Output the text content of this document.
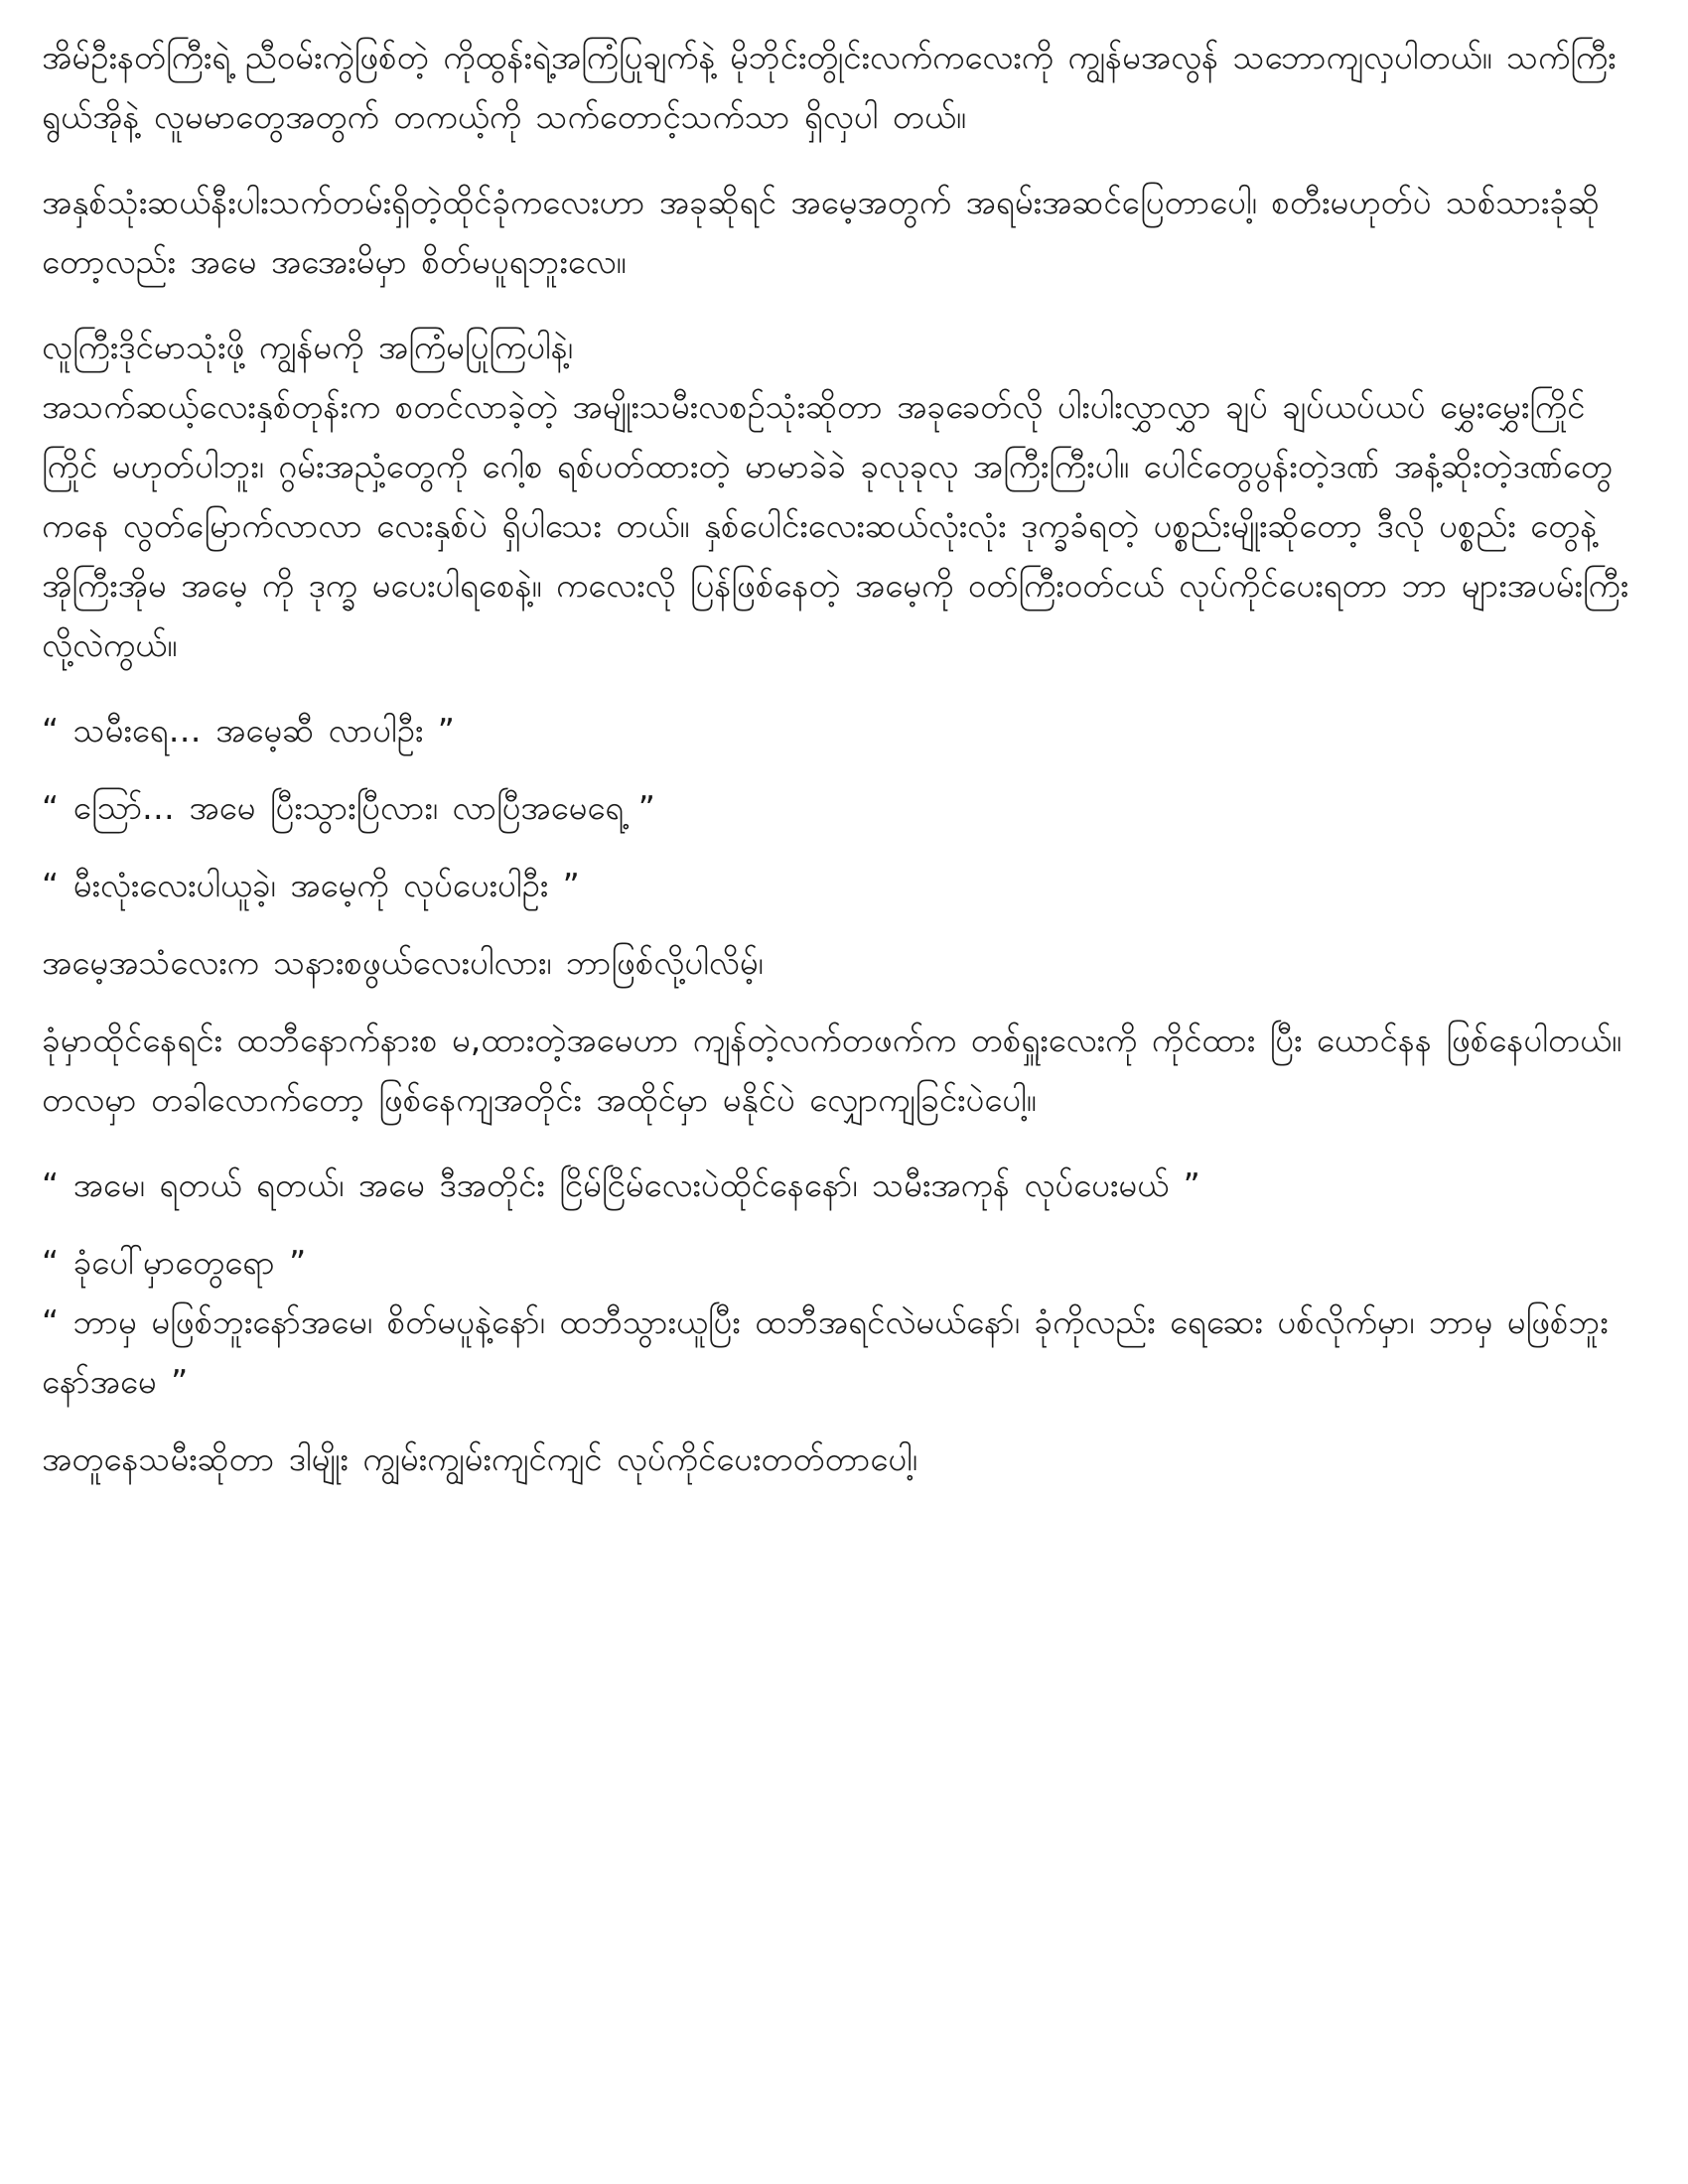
အိမ်ဦးနတ်ကြီးရဲ့ ညီဝမ်းကွဲဖြစ်တဲ့ ကိုထွန်းရဲ့အကြံပြုချက်နဲ့ မိုဘိုင်းတွိုင်းလက်ကလေးကို ကျွန်မအလွန် သဘောကျလှပါတယ်။ သက်ကြီးရွယ်အိုနဲ့ လူမမာတွေအတွက် တကယ့်ကို သက်တောင့်သက်သာ ရှိလှပါ တယ်။

အနှစ်သုံးဆယ်နီးပါးသက်တမ်းရှိတဲ့ထိုင်ခုံကလေးဟာ အခုဆိုရင် အမေ့အတွက် အရမ်းအဆင်ပြေတာပေါ့၊ စတီးမဟုတ်ပဲ သစ်သားခုံဆိုတော့လည်း အမေ အအေးမိမှာ စိတ်မပူရဘူးလေ။

လူကြီးဒိုင်မာသုံးဖို့ ကျွန်မကို အကြံမပြုကြပါနဲ့၊

အသက်ဆယ့်လေးနှစ်တုန်းက စတင်လာခဲ့တဲ့ အမျိုးသမီးလစဉ်သုံးဆိုတာ အခုခေတ်လို ပါးပါးလွှာလွှာ ချပ် ချပ်ယပ်ယပ် မွှေးမွှေးကြိုင်ကြိုင် မဟုတ်ပါဘူး၊ ဂွမ်းအညှံ့တွေကို ဂေါ့စ ရစ်ပတ်ထားတဲ့ မာမာခဲခဲ ခုလုခုလု အကြီးကြီးပါ။ ပေါင်တွေပွန်းတဲ့ဒဏ် အနံ့ဆိုးတဲ့ဒဏ်တွေကနေ လွတ်မြောက်လာလာ လေးနှစ်ပဲ ရှိပါသေး တယ်။ နှစ်ပေါင်းလေးဆယ်လုံးလုံး ဒုက္ခခံရတဲ့ ပစ္စည်းမျိုးဆိုတော့ ဒီလို ပစ္စည်း တွေနဲ့ အိုကြီးအိုမ အမေ့ ကို ဒုက္ခ မပေးပါရစေနဲ့။ ကလေးလို ပြန်ဖြစ်နေတဲ့ အမေ့ကို ဝတ်ကြီးဝတ်ငယ် လုပ်ကိုင်ပေးရတာ ဘာ များအပမ်းကြီးလို့လဲကွယ်။

“ သမီးရေ… အမေ့ဆီ လာပါဦး ”

“ ဪ… အမေ ပြီးသွားပြီလား၊ လာပြီအမေရေ့ ”

“ မီးလုံးလေးပါယူခဲ့၊ အမေ့ကို လုပ်ပေးပါဦး ”

အမေ့အသံလေးက သနားစဖွယ်လေးပါလား၊ ဘာဖြစ်လို့ပါလိမ့်၊

ခုံမှာထိုင်နေရင်း ထဘီနောက်နားစ မ,ထားတဲ့အမေဟာ ကျန်တဲ့လက်တဖက်က တစ်ရှူးလေးကို ကိုင်ထား ပြီး ယောင်နန ဖြစ်နေပါတယ်။ တလမှာ တခါလောက်တော့ ဖြစ်နေကျအတိုင်း အထိုင်မှာ မနိုင်ပဲ လျှောကျခြင်းပဲပေါ့။

“ အမေ၊ ရတယ် ရတယ်၊ အမေ ဒီအတိုင်း ငြိမ်ငြိမ်လေးပဲထိုင်နေနော်၊ သမီးအကုန် လုပ်ပေးမယ် ”

“ ခုံပေါ်မှာတွေရော ”

“ ဘာမှ မဖြစ်ဘူးနော်အမေ၊ စိတ်မပူနဲ့နော်၊ ထဘီသွားယူပြီး ထဘီအရင်လဲမယ်နော်၊ ခုံကိုလည်း ရေဆေး ပစ်လိုက်မှာ၊ ဘာမှ မဖြစ်ဘူးနော်အမေ ”

အတူနေသမီးဆိုတာ ဒါမျိုး ကျွမ်းကျွမ်းကျင်ကျင် လုပ်ကိုင်ပေးတတ်တာပေါ့၊
